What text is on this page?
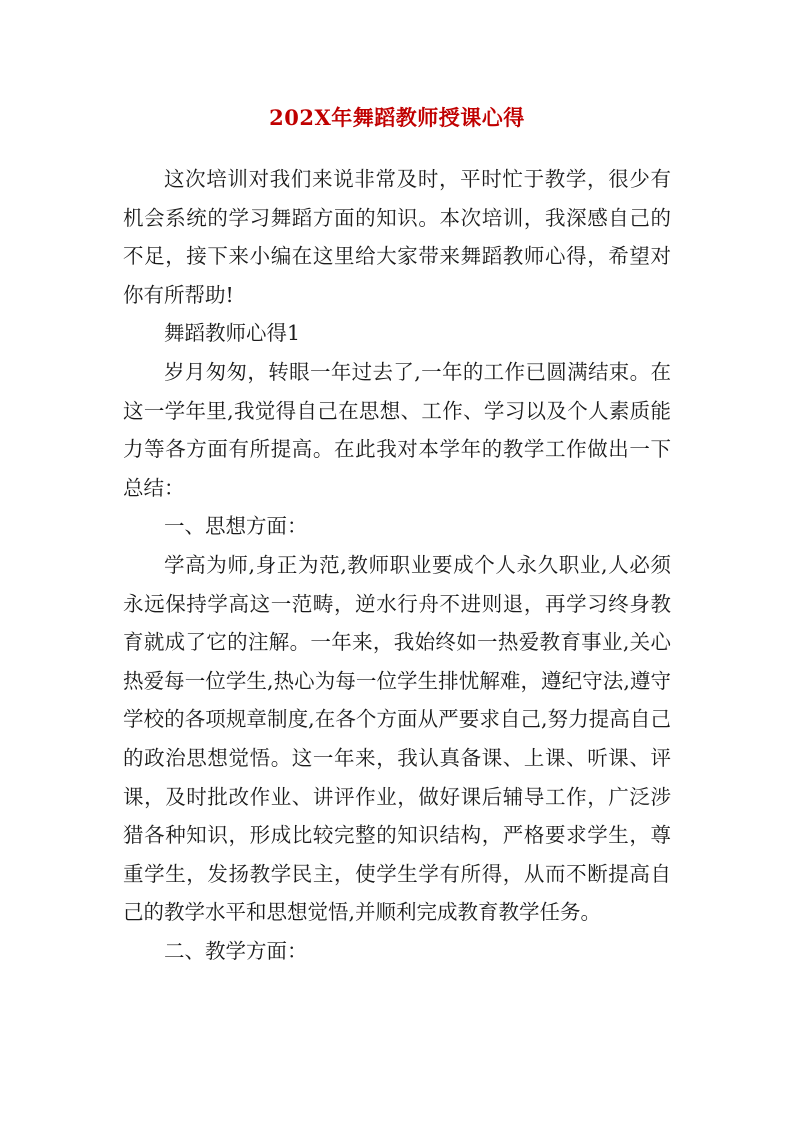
202X年舞蹈教师授课心得

这次培训对我们来说非常及时，平时忙于教学，很少有机会系统的学习舞蹈方面的知识。本次培训，我深感自己的不足，接下来小编在这里给大家带来舞蹈教师心得，希望对你有所帮助!

舞蹈教师心得1

岁月匆匆，转眼一年过去了,一年的工作已圆满结束。在这一学年里,我觉得自己在思想、工作、学习以及个人素质能力等各方面有所提高。在此我对本学年的教学工作做出一下总结：

一、思想方面：

学高为师,身正为范,教师职业要成个人永久职业,人必须永远保持学高这一范畴，逆水行舟不进则退，再学习终身教育就成了它的注解。一年来，我始终如一热爱教育事业,关心热爱每一位学生,热心为每一位学生排忧解难，遵纪守法,遵守学校的各项规章制度,在各个方面从严要求自己,努力提高自己的政治思想觉悟。这一年来，我认真备课、上课、听课、评课，及时批改作业、讲评作业，做好课后辅导工作，广泛涉猎各种知识，形成比较完整的知识结构，严格要求学生，尊重学生，发扬教学民主，使学生学有所得，从而不断提高自己的教学水平和思想觉悟,并顺利完成教育教学任务。

二、教学方面：
